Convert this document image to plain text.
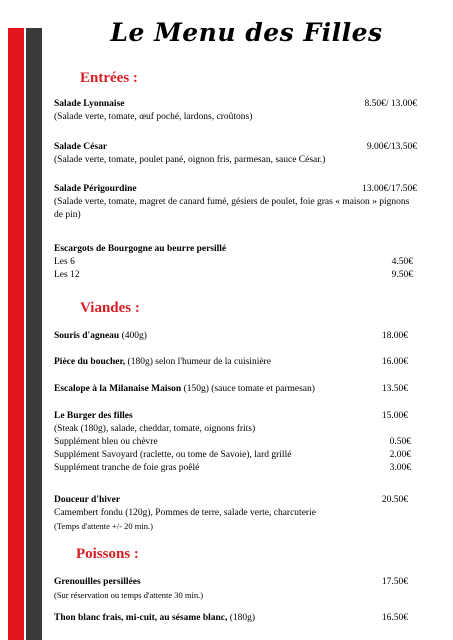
Le Menu des Filles
Entrées :
Salade Lyonnaise	8.50€/ 13.00€
(Salade verte, tomate, œuf poché, lardons, croûtons)
Salade César	9.00€/13.50€
(Salade verte, tomate, poulet pané, oignon fris, parmesan, sauce César.)
Salade Périgourdine	13.00€/17.50€
(Salade verte, tomate, magret de canard fumé, gésiers de poulet, foie gras « maison » pignons de pin)
Escargots de Bourgogne au beurre persillé
Les 6	4.50€
Les 12	9.50€
Viandes :
Souris d'agneau (400g)	18.00€
Pièce du boucher, (180g) selon l'humeur de la cuisinière	16.00€
Escalope à la Milanaise Maison (150g) (sauce tomate et parmesan)	13.50€
Le Burger des filles	15.00€
(Steak (180g), salade, cheddar, tomate, oignons frits)
Supplément bleu ou chèvre	0.50€
Supplément Savoyard (raclette, ou tome de Savoie), lard grillé	2.00€
Supplément tranche de foie gras poêlé	3.00€
Douceur d'hiver	20.50€
Camembert fondu (120g), Pommes de terre, salade verte, charcuterie
(Temps d'attente +/- 20 min.)
Poissons :
Grenouilles persillées	17.50€
(Sur réservation ou temps d'attente 30 min.)
Thon blanc frais, mi-cuit, au sésame blanc, (180g)	16.50€
